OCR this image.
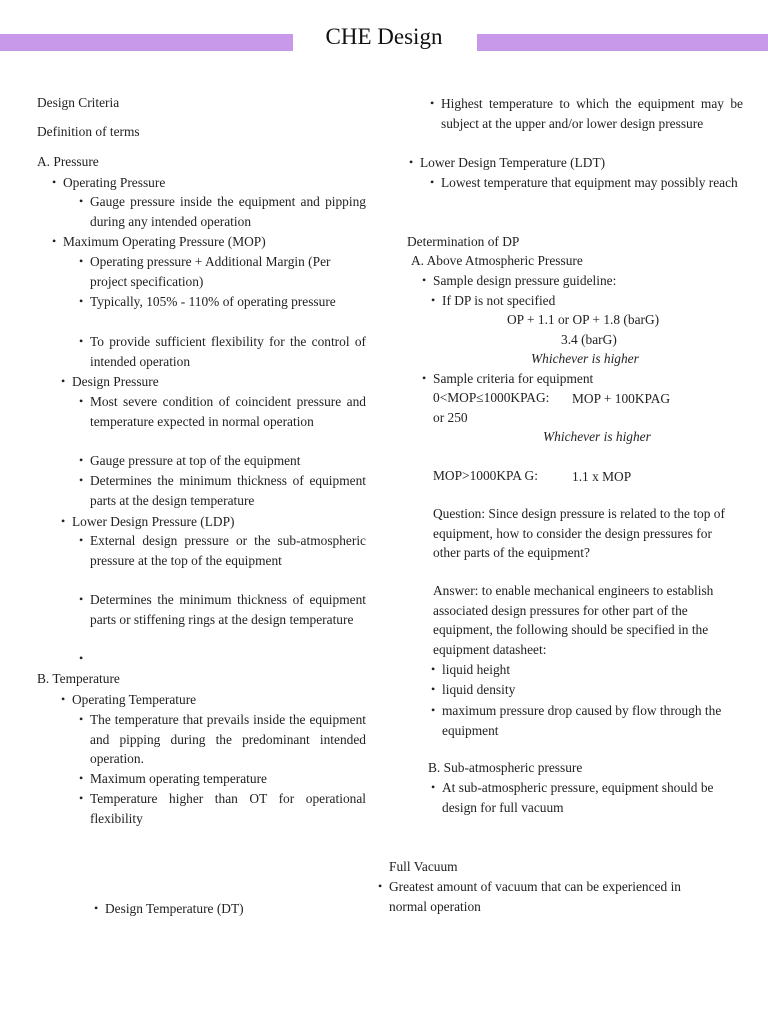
CHE Design
Design Criteria
Definition of terms
A. Pressure
• Operating Pressure
• Gauge pressure inside the equipment and pipping during any intended operation
• Maximum Operating Pressure (MOP)
• Operating pressure + Additional Margin (Per project specification)
• Typically, 105% - 110% of operating pressure
• To provide sufficient flexibility for the control of intended operation
• Design Pressure
• Most severe condition of coincident pressure and temperature expected in normal operation
• Gauge pressure at top of the equipment
• Determines the minimum thickness of equipment parts at the design temperature
• Lower Design Pressure (LDP)
• External design pressure or the sub-atmospheric pressure at the top of the equipment
• Determines the minimum thickness of equipment parts or stiffening rings at the design temperature
•
B. Temperature
• Operating Temperature
• The temperature that prevails inside the equipment and pipping during the predominant intended operation.
• Maximum operating temperature
• Temperature higher than OT for operational flexibility
• Design Temperature (DT)
• Highest temperature to which the equipment may be subject at the upper and/or lower design pressure
• Lower Design Temperature (LDT)
• Lowest temperature that equipment may possibly reach
Determination of DP
A. Above Atmospheric Pressure
• Sample design pressure guideline:
• If DP is not specified
OP + 1.1 or OP + 1.8 (barG)
3.4 (barG)
Whichever is higher
• Sample criteria for equipment
0<MOP≤1000KPAG: MOP + 100KPAG
or 250
Whichever is higher
MOP>1000KPA G:	1.1 x MOP
Question: Since design pressure is related to the top of equipment, how to consider the design pressures for other parts of the equipment?
Answer: to enable mechanical engineers to establish associated design pressures for other part of the equipment, the following should be specified in the equipment datasheet:
• liquid height
• liquid density
• maximum pressure drop caused by flow through the equipment
B. Sub-atmospheric pressure
• At sub-atmospheric pressure, equipment should be design for full vacuum
Full Vacuum
• Greatest amount of vacuum that can be experienced in normal operation
